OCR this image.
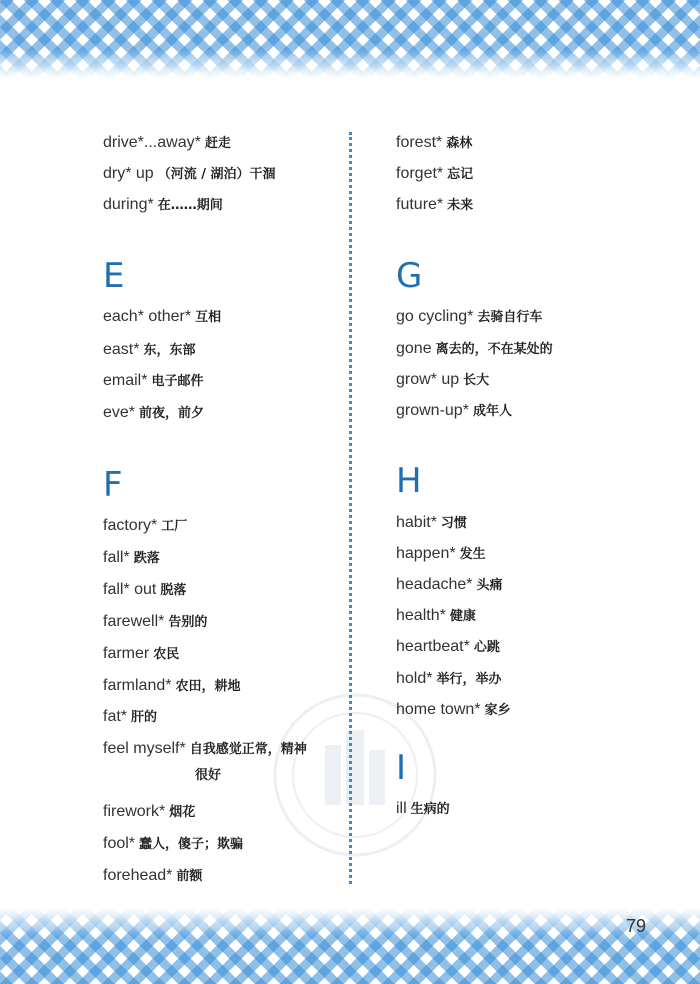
drive*...away* 赶走
dry* up （河流 / 湖泊）干涸
during* 在……期间
E
each* other* 互相
east* 东，东部
email* 电子邮件
eve* 前夜，前夕
F
factory* 工厂
fall* 跌落
fall* out 脱落
farewell* 告别的
farmer 农民
farmland* 农田，耕地
fat* 肝的
feel myself* 自我感觉正常，精神
很好
firework* 烟花
fool* 蠢人，傻子；欺骗
forehead* 前额
forest* 森林
forget* 忘记
future* 未来
G
go cycling* 去骑自行车
gone 离去的，不在某处的
grow* up 长大
grown-up* 成年人
H
habit* 习惯
happen* 发生
headache* 头痛
health* 健康
heartbeat* 心跳
hold* 举行，举办
home town* 家乡
I
ill 生病的
79
